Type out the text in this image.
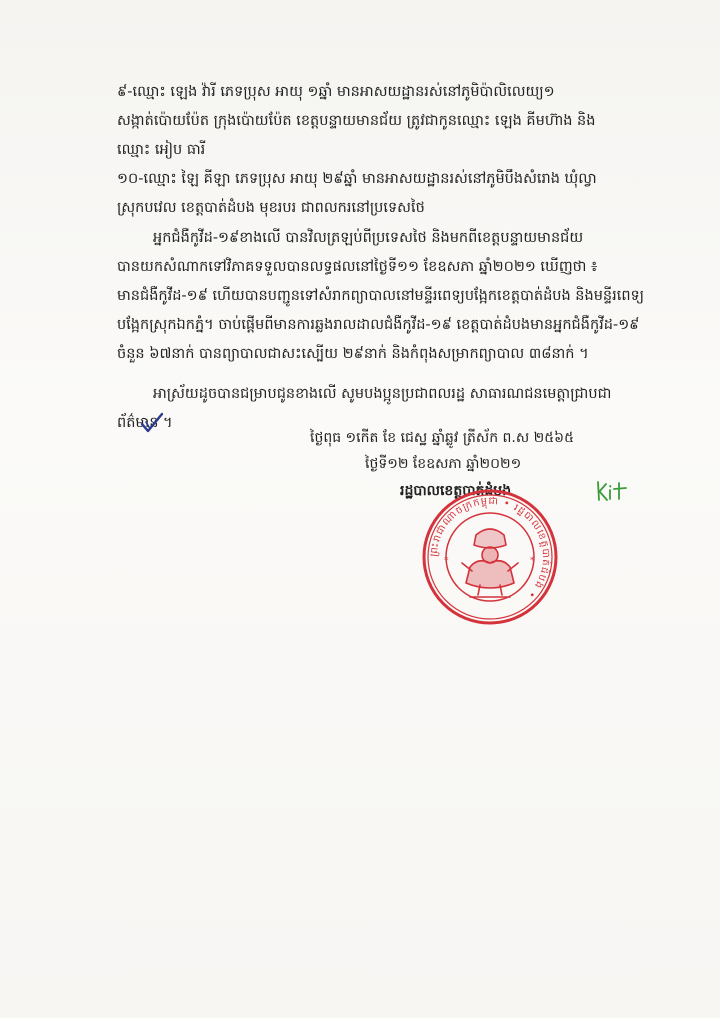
៩-ឈ្មោះ ឡេង វ៉ារី ភេទប្រុស អាយុ ១ឆ្នាំ មានអាសយដ្ឋានរស់នៅភូមិប៉ាលិលេយ្យ១
សង្កាត់ប៉ោយប៉ែត ក្រុងប៉ោយប៉ែត ខេត្តបន្ទាយមានជ័យ ត្រូវជាកូនឈ្មោះ ឡេង គីមហ៊ាង និង
ឈ្មោះ អៀប ធារី
១០-ឈ្មោះ ឡៃ គីឡា ភេទប្រុស អាយុ ២៩ឆ្នាំ មានអាសយដ្ឋានរស់នៅភូមិបឹងសំរោង ឃុំល្វា
ស្រុកបវេល ខេត្តបាត់ដំបង មុខរបរ ជាពលករនៅប្រទេសថៃ
អ្នកជំងឺកូវីដ-១៩ខាងលើ បានវិលត្រឡប់ពីប្រទេសថៃ និងមកពីខេត្តបន្ទាយមានជ័យ
បានយកសំណាកទៅវិភាគទទួលបានលទ្ធផលនៅថ្ងៃទី១១ ខែឧសភា ឆ្នាំ២០២១ ឃើញថា ៖
មានជំងឺកូវីដ-១៩ ហើយបានបញ្ជូនទៅសំរាកព្យាបាលនៅមន្ទីរពេទ្យបង្អែកខេត្តបាត់ដំបង និងមន្ទីរពេទ្យ
បង្អែកស្រុកឯកភ្នំ។ ចាប់ផ្តើមពីមានការឆ្លងរាលដាលជំងឺកូវីដ-១៩ ខេត្តបាត់ដំបងមានអ្នកជំងឺកូវីដ-១៩
ចំនួន ៦៧នាក់ បានព្យាបាលជាសះស្បើយ ២៩នាក់ និងកំពុងសម្រាកព្យាបាល ៣៨នាក់ ។
អាស្រ័យដូចបានជម្រាបជូនខាងលើ សូមបងប្អូនប្រជាពលរដ្ឋ សាធារណជនមេត្តាជ្រាបជា
ព័ត៌មាន ។
ថ្ងៃពុធ ១កើត ខែ ជេស្ឋ ឆ្នាំឆ្លូវ ត្រីស័ក ព.ស ២៥៦៥
ថ្ងៃទី១២ ខែឧសភា ឆ្នាំ២០២១
រដ្ឋបាលខេត្តបាត់ដំបង
ព្រះរាជាណាចក្រកម្ពុជា • រដ្ឋបាលខេត្តបាត់ដំបង •
*	*
